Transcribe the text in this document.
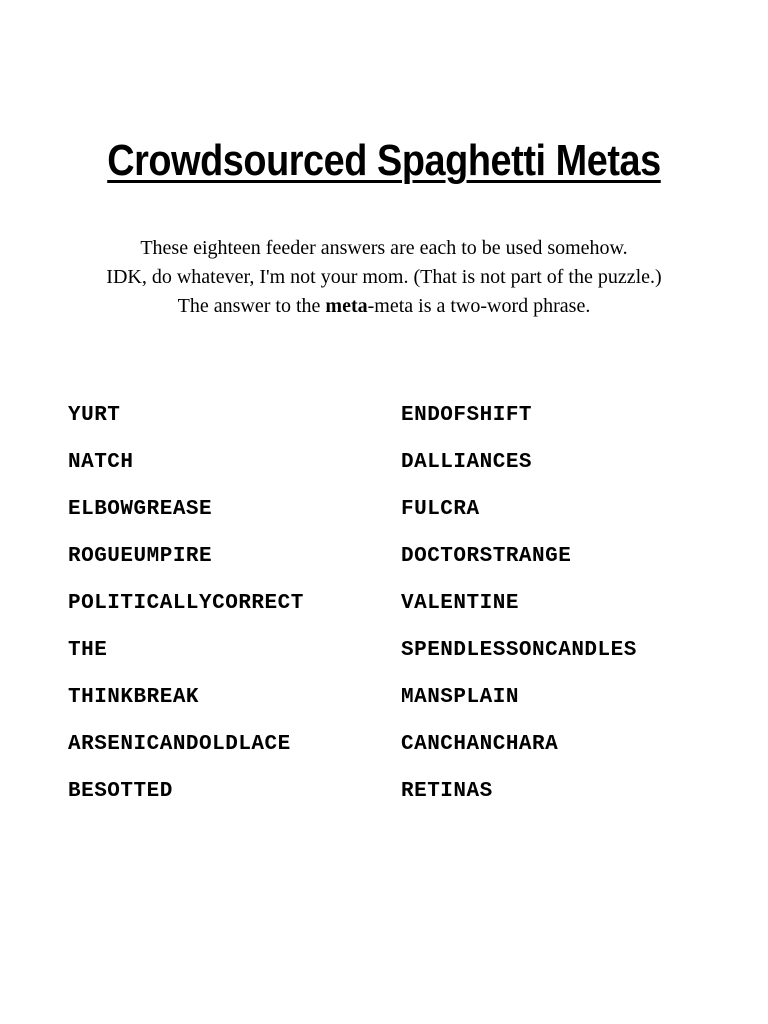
Crowdsourced Spaghetti Metas
These eighteen feeder answers are each to be used somehow.
IDK, do whatever, I'm not your mom. (That is not part of the puzzle.)
The answer to the meta-meta is a two-word phrase.
YURT
NATCH
ELBOWGREASE
ROGUEUMPIRE
POLITICALLYCORRECT
THE
THINKBREAK
ARSENICANDOLDLACE
BESOTTED
ENDOFSHIFT
DALLIANCES
FULCRA
DOCTORSTRANGE
VALENTINE
SPENDLESSONCANDLES
MANSPLAIN
CANCHANCHARA
RETINAS
